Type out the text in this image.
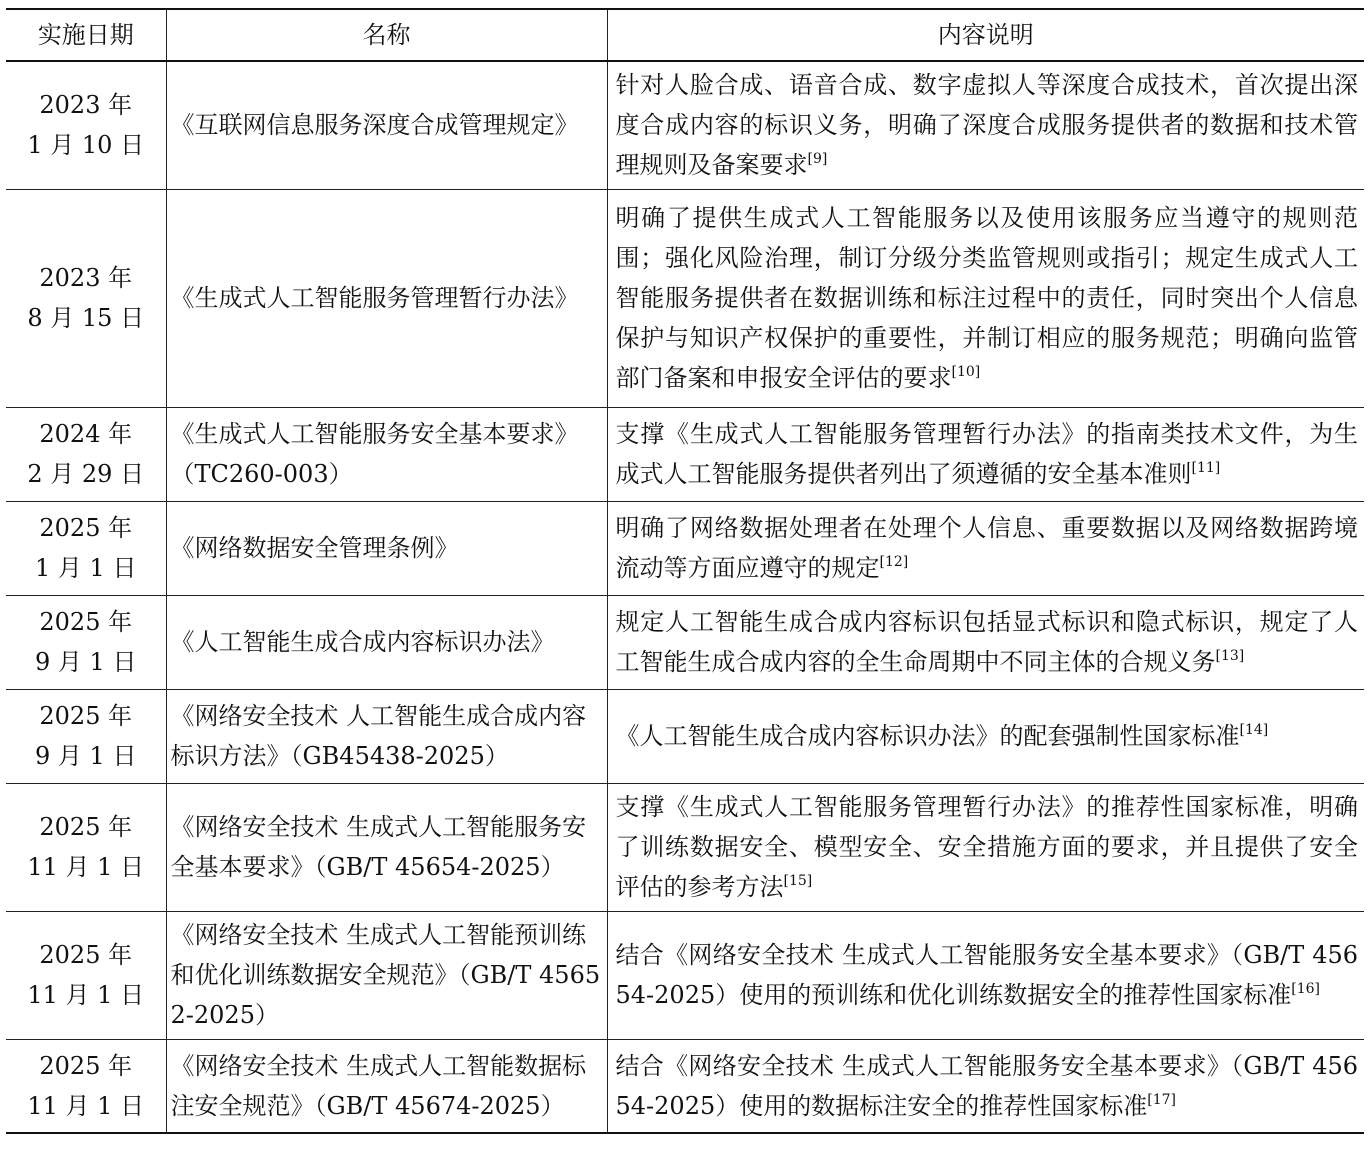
实施日期	名称	内容说明

2023 年
1 月 10 日	《互联网信息服务深度合成管理规定》	针对人脸合成、语音合成、数字虚拟人等深度合成技术，首次提出深度合成内容的标识义务，明确了深度合成服务提供者的数据和技术管理规则及备案要求[9]

2023 年
8 月 15 日	《生成式人工智能服务管理暂行办法》	明确了提供生成式人工智能服务以及使用该服务应当遵守的规则范围；强化风险治理，制订分级分类监管规则或指引；规定生成式人工智能服务提供者在数据训练和标注过程中的责任，同时突出个人信息保护与知识产权保护的重要性，并制订相应的服务规范；明确向监管部门备案和申报安全评估的要求[10]

2024 年
2 月 29 日	《生成式人工智能服务安全基本要求》（TC260-003）	支撑《生成式人工智能服务管理暂行办法》的指南类技术文件，为生成式人工智能服务提供者列出了须遵循的安全基本准则[11]

2025 年
1 月 1 日	《网络数据安全管理条例》	明确了网络数据处理者在处理个人信息、重要数据以及网络数据跨境流动等方面应遵守的规定[12]

2025 年
9 月 1 日	《人工智能生成合成内容标识办法》	规定人工智能生成合成内容标识包括显式标识和隐式标识，规定了人工智能生成合成内容的全生命周期中不同主体的合规义务[13]

2025 年
9 月 1 日	《网络安全技术 人工智能生成合成内容标识方法》（GB45438-2025）	《人工智能生成合成内容标识办法》的配套强制性国家标准[14]

2025 年
11 月 1 日	《网络安全技术 生成式人工智能服务安全基本要求》（GB/T 45654-2025）	支撑《生成式人工智能服务管理暂行办法》的推荐性国家标准，明确了训练数据安全、模型安全、安全措施方面的要求，并且提供了安全评估的参考方法[15]

2025 年
11 月 1 日	《网络安全技术 生成式人工智能预训练和优化训练数据安全规范》（GB/T 45652-2025）	结合《网络安全技术 生成式人工智能服务安全基本要求》（GB/T 45654-2025）使用的预训练和优化训练数据安全的推荐性国家标准[16]

2025 年
11 月 1 日	《网络安全技术 生成式人工智能数据标注安全规范》（GB/T 45674-2025）	结合《网络安全技术 生成式人工智能服务安全基本要求》（GB/T 45654-2025）使用的数据标注安全的推荐性国家标准[17]
